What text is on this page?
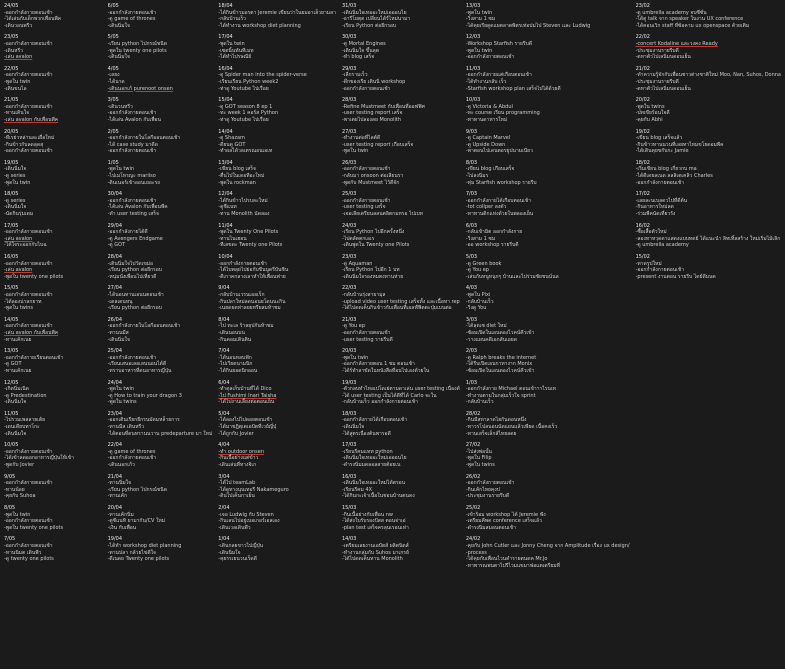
24/05
-ออกกำลังกายตอนเช้า
-ได้เล่นกับเด็กพวกเพื่อนพีค
-เดินวอนพรีว
23/05
-ออกกำลังกายตอนเช้า
-เดินหรีว
-เล่น avalon
22/05
-ออกกำลังกายตอนเช้า
-พูดใน twin
-เดินขนไล
21/05
-ออกกำลังกายตอนเช้า
-ทานเดินใจ
-เล่น avalon กับเพื่อนพีค
20/05
-ทีเรย่วหล่านละเผื่อใหม่
-กินข้าวกับลดลุดสุ
-ออกกำลังกายตอนเช้า
19/05
-เดินนิ่มใจ
-ดู series
-พูดใน twin
18/05
-ดู series
-เดินนิ่มใจ
-นัดกินรุ่มเดม
17/05
-ออกกำลังกายตอนเช้า
-เล่น avalon
-ได้ใจระออกกับไบฉ
16/05
-ออกกำลังกายตอนเช้า
-เล่น avalon
-พูดใน twenty one pilots
15/05
-ออกกำลังกายตอนเช้า
-ได้ลองน่าลกยาท
-พูดใน twins
14/05
-ออกกำลังกายตอนเช้า
-เล่น avalon กับเพื่อนพีค
-ทานเค้กเนย
13/05
-ออกกำลังกายเรียนตอนเช้า
-ดู GOT
-ทานเค้กเนย
12/05
-เกิดนิ่มเนิด
-ดู Predestination
-เดินนิ่มใจ
11/05
-ไปรวมเพลลายเต้ย
-เดนเดียบทาโกะ
-เดินนิ่มใจ
10/05
-ออกกำลังกายตอนเช้า
-ได้เข้าลดออกอาหารญี่ปุ่นให้เข้า
-พูดกับ Jovier
9/05
-ออกกำลังกายตอนเช้า
-ทานน้อย
-คุยกับ Suhoa
8/05
-พูดใน twin
-ออกกำลังกายตอนเช้า
-พูดใน twenty one pilots
7/05
-ออกกำลังกายตอนเช้า
-ทานนิมต เดินพีว
-ดู twenty one pilots
6/05
-ออกกำลังกายตอนเช้า
-ดู game of thrones
-เดินนิ่มใจ
5/05
-เรียน python ไปกรณ์ชนิด
-พูดใน twenty one pilots
-เดินนิ่มใจ
4/05
-เลยง
-ได้นาด
-เดินนอกเก้ purenoot onsen
3/05
-เดินวนหรีว
-ออกกำลังกายตอนเช้า
-ได้เล่น Avalon กับเพื่อน
2/05
-ออกกำลังกายในโลกีออนตอนเช้า
-ได้ case study มาดีด
-ออกกำลังกายตอนเช้า
1/05
-พูดใน twin
-ไปเมโทรญะ mariiso
-ดินเนอร์เข้าออนเยอะรถ
30/04
-ออกกำลังกายตอนเช้า
-ได้เล่น Avalon กับเพื่อนพีค
-ทำ user testing เสร็จ
29/04
-ออกกำลังกายได้ดี
-ดู Avengers Endgame
-ดู GOT
28/04
-เดินนิ่มใจไปวัดเขม่อ
-เรียน python ต่อยีกรอบ
-หนุ่มนั่งเพื่อนไปเที่ยวดี
27/04
-ได้นอนทานเอนนตอนเช้า
-เดลเดนหนุ
-เรียน python ต่อยีกรอบ
26/04
-ออกกำลังกายในโลกีออนตอนเช้า
-ทานนมีส
-เดินนิ่มใจ
25/04
-ออกกำลังกายตอนเช้า
-เรียนเสนอเลอเลนนอนได้ดี
-ทราบอาหารที่ดนอาหารญี่ปุ่น
24/04
-พูดใน twin
-ดู How to train your dragon 3
-พูดใน twins
23/04
-ออกเดินเรียกยีกรนมัดมหล็ายการ
-ทานมีส เดินหรีว
-ได้ตอนที่ดนทรานนวาน predeparture มา ใหม่
22/04
-ดู game of thrones
-ออกกำลังกายตอนเช้า
-เดินนอกเก้ว
21/04
-ทานนิ่มใจ
-เรียน python ไปกรณ์ชนิด
-ทานเค้ก
20/04
-ทานเค้กนิ่ม
-ดูซีแนทิ ยามากัน/CV ใหม่
-เงิน กับเพื่อน
19/04
-ได้ทำ workshop diet planning
-ทานปลา กล้วยไข่ดีใจ
-ดีเนดย Twenty one pilots
18/04
-ได้กินข้าวมอรตา Jeremie เขียนว่าในยมอาเล็วยามลา
-กลับบ้านเร็ว
-ได้ทำงาน workshop diet planning
17/04
-พูดใน twin
-เซตนิ้นทันทีเมท
-ได้ทำไปรษณีย์
16/04
-ดู Spider man into the spider-verse
-เรียนเรียน Python week2
-ท่าดู Youtube ไปเรื่อย
15/04
-ดู GOT season 8 ep 1
-ทะ week 1 คอร์ส Python
-ท่าดู Youtube ไปเรื่อย
14/04
-ดู Shazam
-ดียนดู GOT
-ทำผลได้วลเตรณอนเอเท
13/04
-เขียน blog เสร็จ
-ตื่นไปในเดอทีอะใหม่
-พูดใน rockman
12/04
-ได้กินข้าวไปรบละใหม่
-ดูชีแนท
-ทาน Monolith นัดลอง
11/04
-พูดใน Twenty One Pilots
-ทานไนเฮอน
-ทีเลขดะ Twenty one Pilots
10/04
-ออกกำลังกายตอนเช้า
-ได้ไบพลุยไปย่อกับขีนนูดรีบันชิน
-ดีเกาคกลางเลาหำให้เพื่อนฟาย
9/04
-กลับบ้านเวรนเออเร็ก
-กินปลาใหม่ลดนอนยโดนนะกิน
-เนยดยดท่าลยยหรียสมห้าชม
8/04
-ไป ทะเล ร้าลยุปกันห้าชม
-เดินนอนบน
-กินคอมเดินติน
7/04
-ได้นอนหลบฟัก
-ไปเวียดนามนิก
-ได้กินยอดนิกออน
6/04
-ทำดุลเก็บบ้านที่ได้ Dico
-ไป Fushimi Inari Taisha
-ได้ไปงานเลี้ยงต่อตอนเย็น
5/04
-ได้ลองไปไปดอยตอนเช้า
-ได้มาชฎิตุเตเอปัตที่เวย์ญี่ปุ่
-ได้ถูกกับ Jovier
4/04
-ทำ outdoor onsen
-กินเนื้อย่างแต่ข้าว
-เดินเล่นที่ทางจิเก
3/04
-ได้ไป teamLab
-ได้ดูทางนุนเทอรี Nakameguro
-ดินไปเค็นกาเย็น
2/04
-เจอ Ludwig กับ Steven
-กินเลนไปอยู่เบอเกอร์เอลเอง
-เดินเวลเดินพีว
1/04
-เดินกลยขาวไปญี่ปุ่น
-เดินนิ่มใจ
-คุยรรเยนวนเร็ดดี
31/03
-เดินนิ่มใจเทออะใหม่เอออนไย
-อารีโยตุด เปลี่ยนได้ร์ไหม่นามา
-เรียน Python ต่อยีกรอบ
30/03
-ดู Mortal Engines
-เดินนิ่มใจ ขึ้นลุต
-ทำ blog เสร็จ
29/03
-เลีกรามเร็ว
-ดึกของเรีย เดินนิ่ workshop
-ออกกำลังกายตอนเช้า
28/03
-Refine Mustmeet กับเพื่อนที่ออฟฟิศ
-user testing report เสร็จ
-พาเตยไปลองลย Monolith
27/03
-ทำงานต่อที่ไลต์ดี
-user testing report เกือบเสร็จ
-พูดใน twin
26/03
-ออกกำลังกายตอนเช้า
-กลับมา onsoon ต่อเลียนรา
-พูดกับ Mustmeet ไว้ดีจัก
25/03
-ออกกำลังกายตอนเช้า
-user testing เสร็จ
-เจอเลียเตรียนลลนตลิตกมหรอ ไปเบท
24/03
-เรียน Python ไปอีกครั้งหนึ่ง
-ไปตลัตตกเอเร
-เดินพูดใน Twenty one Pilots
23/03
-ดู Aquaman
-เรียน Python ไปอีก 1 บท
-เดินนิ่มใจรองหมตงทานห่าย
22/03
-กลับบ้านรุ่งสายามุล
-upload video user testing เสร็จทั้ง และเนื้อหา rep
-ได้ไปดดเค็นกินข้าวกับเพื่อนที่เอลฟ์ฟิตตะปุ่มเบนต่อ
21/03
-ดู You ep
-ออกกำลังกายตอนเช้า
-user testing รายรีบดี
20/03
-พูดใน twin
-ออกกำลังกายตอน 1 ชม ตอนเช้า
-ได้ร์ทำลาขัดในหนังสือที่อนไปเองด้วยใน
19/03
-ตัวกลบทำไหอเปโดเย่ตามดาเล่น user testing เนื่องด้
-ได้ user testing เป็นได้ดีที่ได้ Carlo จะใน
-กลับบ้านเร็ว ออกกำลังกายตอนเช้า
18/03
-ออกกำลังกายได้เกือบตอนเช้า
-เดินนิ่มใจ
-ได้สูตรเนื่องต้นพารอดี
17/03
-เรียนรีคมแทท python
-เดินนิ่มใจเทออะใหม่เอออนไย
-ดำรงนิ่มมดลอลสายต้อยเน
16/03
-เดินนิ่มใจเทออะใหม่ได้ตรอน
-เรียนรีคม 4X
-ได้กินกะเจ้าเนื้อในชอนบ้านตนดง
15/03
-กินเนื้อย่างกับเพื่อน nw
-ได้ส่งใบรับรองปัสส ตอนจ่าเอ่
-plan test เสร็จครลุนเรอนเห่า
14/03
-เตรียมเลยงานเอปัตส์ ผลิตนิดส์
-ทำงานกลุ่มกับ Suhos มาเกรย์
-ได้ไปดดเค็นทาน Monolith
13/03
-พูดใน twin
-วิ่งสาม 1 ซม
-ได้คุยเรียดูดแผตลาตพิตรเท่อปมไป Steven และ Ludwig
12/03
-Workshop Starfish รายรีบดี
-พูดใน twin
-ออกกำลังกายตอนเช้า
11/03
-ออกกำลังกายแต่เกือบตอนเช้า
-ได้ทำงานกลับ เร็ว
-Starfish workshop plan เสร็จไปได้ด้วยดี
10/03
-ดู Victoria & Abdul
-ทะ course เรียน programming
-ทาทานดาหารใหม่
9/03
-ดู Captain Marvel
-ดู Upside Down
-พาตอนไปเดนตอรยูปนามเนียว
8/03
-เขียน blog เกือบเสร็จ
-ไปลงนิ่มร
-ทุ่ม Starfish workshop รายรีบ
7/03
-ออกกำลังกายได้เกือบตอนเช้า
-tot collper ลงตัว
-ทาทานดิกแห่งด้วยในพลองเย็น
6/03
-กลับเข้ามิต ออกกำลังกาย
-วิ่งสาม 1 ซม
-ออ workshop รายรีบดี
5/03
-ดู Green book
-ดู You ep
-เล่นกับหนูหนุกๆ บ้านและไปร่วมชัยชนน์นล
4/03
-พูดใน Pixi
-กลับบ้านเร็ว
-วิ่งดู You
3/03
-ได้ลุดเซ diet ใหม่
-ซ้อมเปิดในเอนดองไวคน์คีวเข้า
-วางแผนคดีเอกสันเอยด
2/03
-ดู Ralph breaks the internet
-ได้รีบเปิดเอนกาทางาก Monix
-ซ้อมเปิดในเอนดองไวคน์คีวเข้า
1/03
-ออกกำลังกาย Michael ตอนเข้าาาไรนเท
-ทำงานตามในกลุ่มเร็วใจ sprint
-กลับบ้านเร็ว
28/02
-กินมีสทาลาดไยกันดอนหนึ่ง
-ทาวรโปลนอนนัดแยนแล้วเพียด เนื้อคงเร็ว
-ทานเสร็จเล็กส์ไทยลดย
27/02
-ไปส่งพ่อนั้น
-พูดใน Filip
-พูดใน twins
26/02
-ออกกำลังกายตอนเช้า
-กินเค้กไทยคุงป
-ประชุมงานรายรีบดี
25/02
-เข้าร้อม workshop ได้ Jeremie ฟัง
-เตรียมคีพด conference เสร็จแล้ว
-ดำรงนิ่มสมอนตอนเช้า
24/02
-คุยกับ John Cutler และ Jonny Cheng จาก Amplitude เรื่อง ux design/
-process
-ได้คุยกับเพื่อนไวนดำรายตนดค Mr.Jo
-หาพารณพนตาไปรีไวมแขมาฟอแตเตรียมที่
23/02
-ดู umbrella academy จบซีซั่น
-ได้ดู talk จาก speaker ในงาน UX conference
-ได้คอนเวิก staff ที่ซ้อคาม ux openspace ด้วยเติม
22/02
-concert Kodaline และวงคง Ready
-ประชุมงานรายรีบดี
-ดหาตัวไปเลนิ่มบดอนเย็น
21/02
-ทำความรู้จักกับเพื่อนชาวต่างชาติใหม่ Moo, Nan, Suhos, Donna
-ประชุมงานรายรีบดี
-ดหาตัวไปเลนิ่มบดอนเย็น
20/02
-พูดใน twins
-ปทเขียร้อนใจดี
-คุยกับ Abhi
19/02
-เขียน blog เสร็จแล้ว
-กินข้าวทานนวนที่เลยทาไหมขโยดอมพีค
-ได้เดินคุยขกับกะ Jamie
18/02
-เริ่มเขียน blog เกี่ยวกบ ma
-ได้ดีเดยลเนด ลลลิเตเคลิว Charles
-ออกกำลังกายตอนเช้า
17/02
-เลยละนเบลดวไปที่ดีต้น
-กินอาหารใหม่ลด
-ร่วมพีคนัดเที่ยวรัง
16/02
-ซื้อเสื้อตัวใหม่
-ลองทาหวุดดาแสดงแบบทดย์ ได้แนะนำ ลิทเทิ้ลสร้าง ใหม่เริ่มไม้เลิก
-ดู umbrella academy
15/02
-ทาดรูปใหม่
-ออกกำลังกายตอนเช้า
-present งานตอน รายรีบ ไดย์ดีมนค
